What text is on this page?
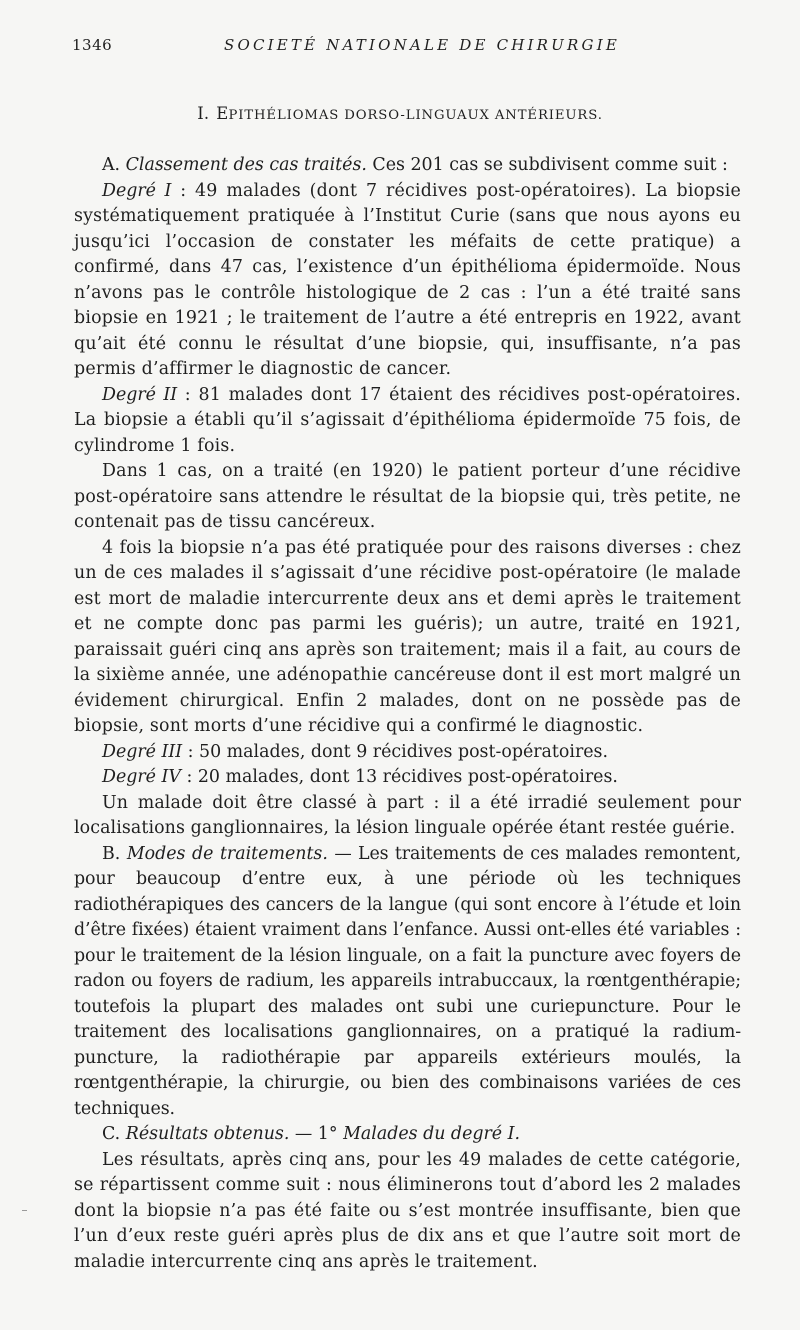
1346	SOCIETÉ NATIONALE DE CHIRURGIE
I. EPITHÉLIOMAS DORSO-LINGUAUX ANTÉRIEURS.

A. Classement des cas traités. Ces 201 cas se subdivisent comme suit :

Degré I : 49 malades (dont 7 récidives post-opératoires). La biopsie systématiquement pratiquée à l’Institut Curie (sans que nous ayons eu jusqu’ici l’occasion de constater les méfaits de cette pratique) a confirmé, dans 47 cas, l’existence d’un épithélioma épidermoïde. Nous n’avons pas le contrôle histologique de 2 cas : l’un a été traité sans biopsie en 1921 ; le traitement de l’autre a été entrepris en 1922, avant qu’ait été connu le résultat d’une biopsie, qui, insuffisante, n’a pas permis d’affirmer le diagnostic de cancer.

Degré II : 81 malades dont 17 étaient des récidives post-opératoires. La biopsie a établi qu’il s’agissait d’épithélioma épidermoïde 75 fois, de cylindrome 1 fois.

Dans 1 cas, on a traité (en 1920) le patient porteur d’une récidive post-opératoire sans attendre le résultat de la biopsie qui, très petite, ne contenait pas de tissu cancéreux.

4 fois la biopsie n’a pas été pratiquée pour des raisons diverses : chez un de ces malades il s’agissait d’une récidive post-opératoire (le malade est mort de maladie intercurrente deux ans et demi après le traitement et ne compte donc pas parmi les guéris); un autre, traité en 1921, paraissait guéri cinq ans après son traitement; mais il a fait, au cours de la sixième année, une adénopathie cancéreuse dont il est mort malgré un évidement chirurgical. Enfin 2 malades, dont on ne possède pas de biopsie, sont morts d’une récidive qui a confirmé le diagnostic.

Degré III : 50 malades, dont 9 récidives post-opératoires.

Degré IV : 20 malades, dont 13 récidives post-opératoires.

Un malade doit être classé à part : il a été irradié seulement pour localisations ganglionnaires, la lésion linguale opérée étant restée guérie.

B. Modes de traitements. — Les traitements de ces malades remontent, pour beaucoup d’entre eux, à une période où les techniques radiothérapiques des cancers de la langue (qui sont encore à l’étude et loin d’être fixées) étaient vraiment dans l’enfance. Aussi ont-elles été variables : pour le traitement de la lésion linguale, on a fait la puncture avec foyers de radon ou foyers de radium, les appareils intrabuccaux, la rœntgenthérapie; toutefois la plupart des malades ont subi une curiepuncture. Pour le traitement des localisations ganglionnaires, on a pratiqué la radium-puncture, la radiothérapie par appareils extérieurs moulés, la rœntgenthérapie, la chirurgie, ou bien des combinaisons variées de ces techniques.

C. Résultats obtenus. — 1° Malades du degré I.

Les résultats, après cinq ans, pour les 49 malades de cette catégorie, se répartissent comme suit : nous éliminerons tout d’abord les 2 malades dont la biopsie n’a pas été faite ou s’est montrée insuffisante, bien que l’un d’eux reste guéri après plus de dix ans et que l’autre soit mort de maladie intercurrente cinq ans après le traitement.

⎯
